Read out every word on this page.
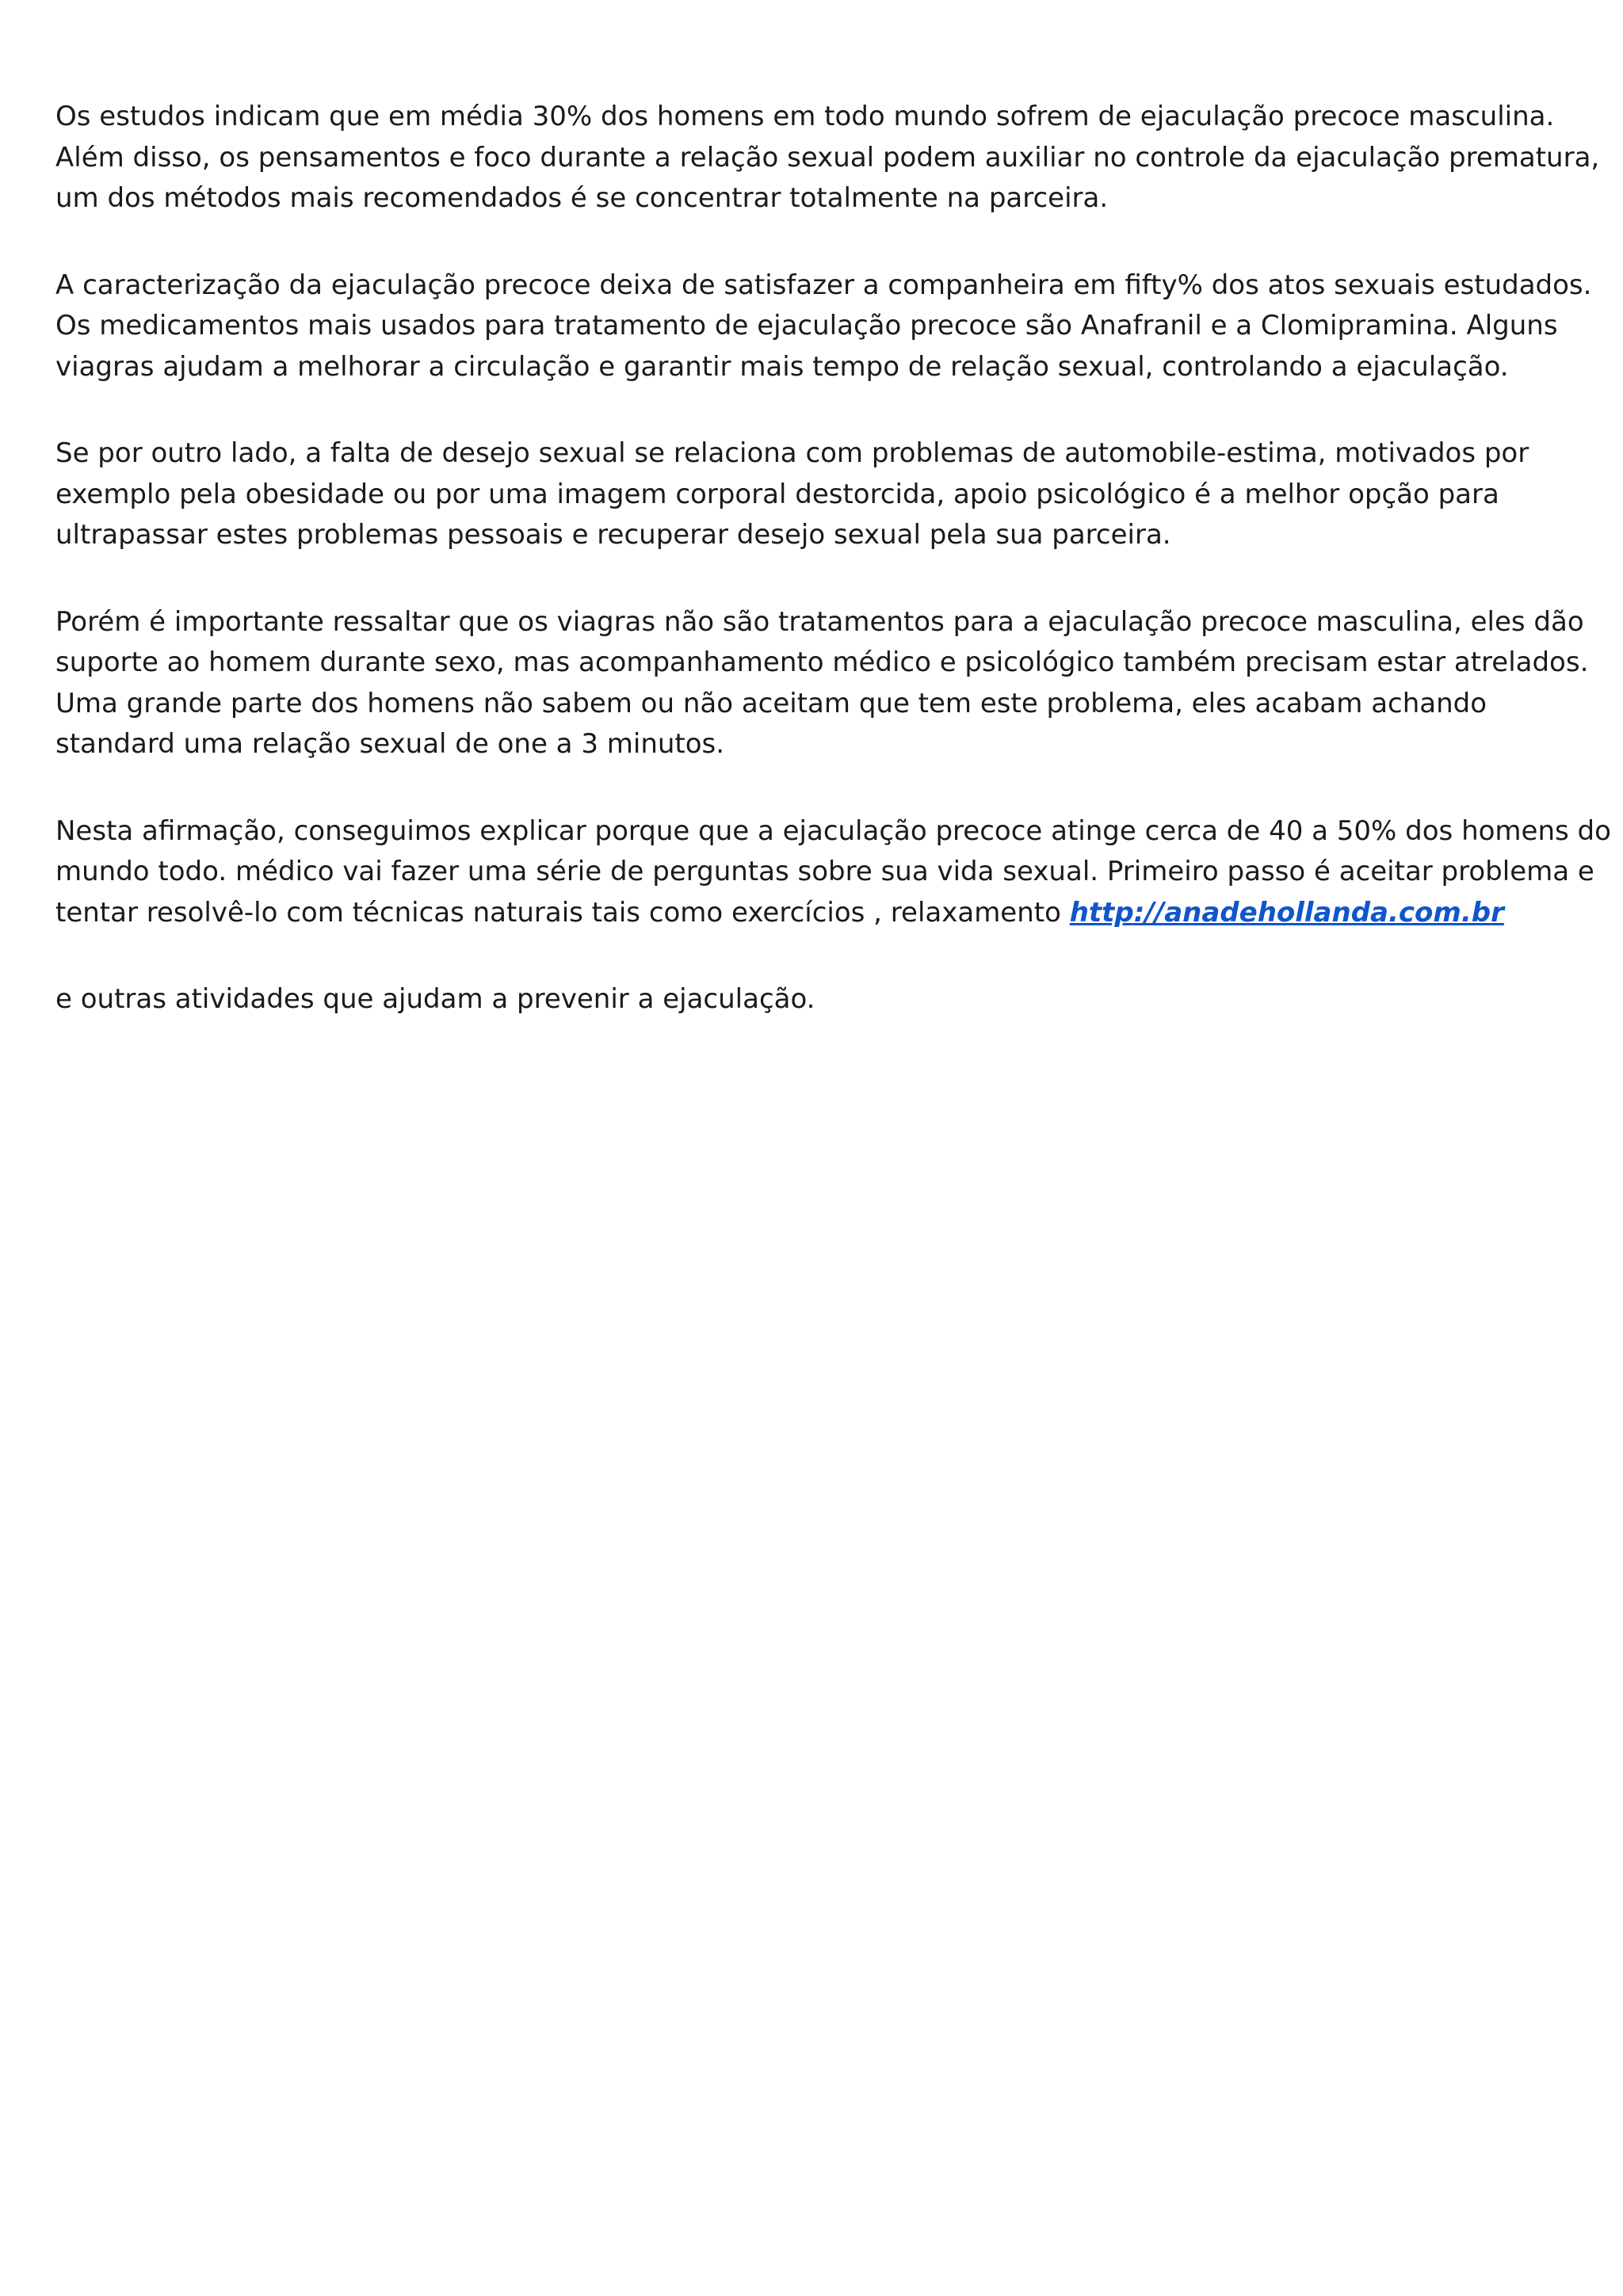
Os estudos indicam que em média 30% dos homens em todo mundo sofrem de ejaculação precoce masculina.
Além disso, os pensamentos e foco durante a relação sexual podem auxiliar no controle da ejaculação prematura,
um dos métodos mais recomendados é se concentrar totalmente na parceira.

A caracterização da ejaculação precoce deixa de satisfazer a companheira em fifty% dos atos sexuais estudados.
Os medicamentos mais usados para tratamento de ejaculação precoce são Anafranil e a Clomipramina. Alguns
viagras ajudam a melhorar a circulação e garantir mais tempo de relação sexual, controlando a ejaculação.

Se por outro lado, a falta de desejo sexual se relaciona com problemas de automobile-estima, motivados por
exemplo pela obesidade ou por uma imagem corporal destorcida, apoio psicológico é a melhor opção para
ultrapassar estes problemas pessoais e recuperar desejo sexual pela sua parceira.

Porém é importante ressaltar que os viagras não são tratamentos para a ejaculação precoce masculina, eles dão
suporte ao homem durante sexo, mas acompanhamento médico e psicológico também precisam estar atrelados.
Uma grande parte dos homens não sabem ou não aceitam que tem este problema, eles acabam achando
standard uma relação sexual de one a 3 minutos.

Nesta afirmação, conseguimos explicar porque que a ejaculação precoce atinge cerca de 40 a 50% dos homens do
mundo todo. médico vai fazer uma série de perguntas sobre sua vida sexual. Primeiro passo é aceitar problema e
tentar resolvê-lo com técnicas naturais tais como exercícios , relaxamento http://anadehollanda.com.br

e outras atividades que ajudam a prevenir a ejaculação.
